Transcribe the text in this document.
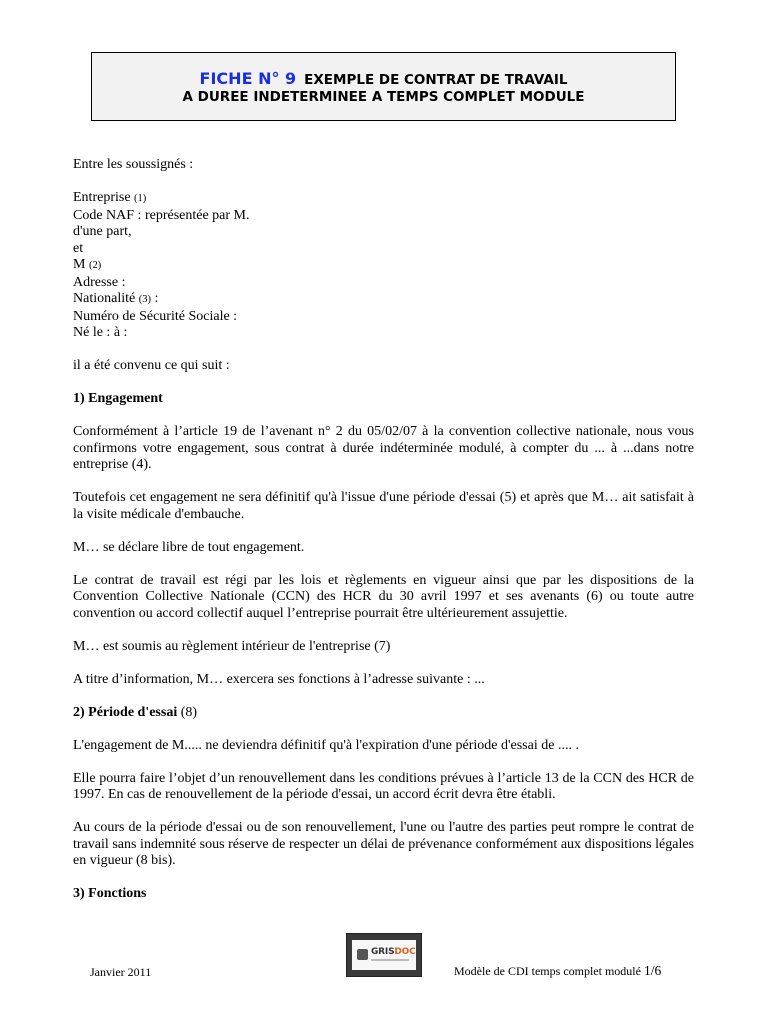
FICHE N° 9 EXEMPLE DE CONTRAT DE TRAVAIL
A DUREE INDETERMINEE A TEMPS COMPLET MODULE

Entre les soussignés :

Entreprise (1)

Code NAF : représentée par M.

d'une part,

et

M (2)

Adresse :

Nationalité (3) :

Numéro de Sécurité Sociale :

Né le : à :

il a été convenu ce qui suit :

1) Engagement

Conformément à l’article 19 de l’avenant n° 2 du 05/02/07 à la convention collective nationale, nous vous confirmons votre engagement, sous contrat à durée indéterminée modulé, à compter du ... à ...dans notre entreprise (4).

Toutefois cet engagement ne sera définitif qu'à l'issue d'une période d'essai (5) et après que M… ait satisfait à la visite médicale d'embauche.

M… se déclare libre de tout engagement.

Le contrat de travail est régi par les lois et règlements en vigueur ainsi que par les dispositions de la Convention Collective Nationale (CCN) des HCR du 30 avril 1997 et ses avenants (6) ou toute autre convention ou accord collectif auquel l’entreprise pourrait être ultérieurement assujettie.

M… est soumis au règlement intérieur de l'entreprise (7)

A titre d’information, M… exercera ses fonctions à l’adresse suivante : ...

2) Période d'essai (8)

L'engagement de M..... ne deviendra définitif qu'à l'expiration d'une période d'essai de .... .

Elle pourra faire l’objet d’un renouvellement dans les conditions prévues à l’article 13 de la CCN des HCR de 1997. En cas de renouvellement de la période d'essai, un accord écrit devra être établi.

Au cours de la période d'essai ou de son renouvellement, l'une ou l'autre des parties peut rompre le contrat de travail sans indemnité sous réserve de respecter un délai de prévenance conformément aux dispositions légales en vigueur (8 bis).

3) Fonctions

GRISDOC
Janvier 2011	Modèle de CDI temps complet modulé 1/6
